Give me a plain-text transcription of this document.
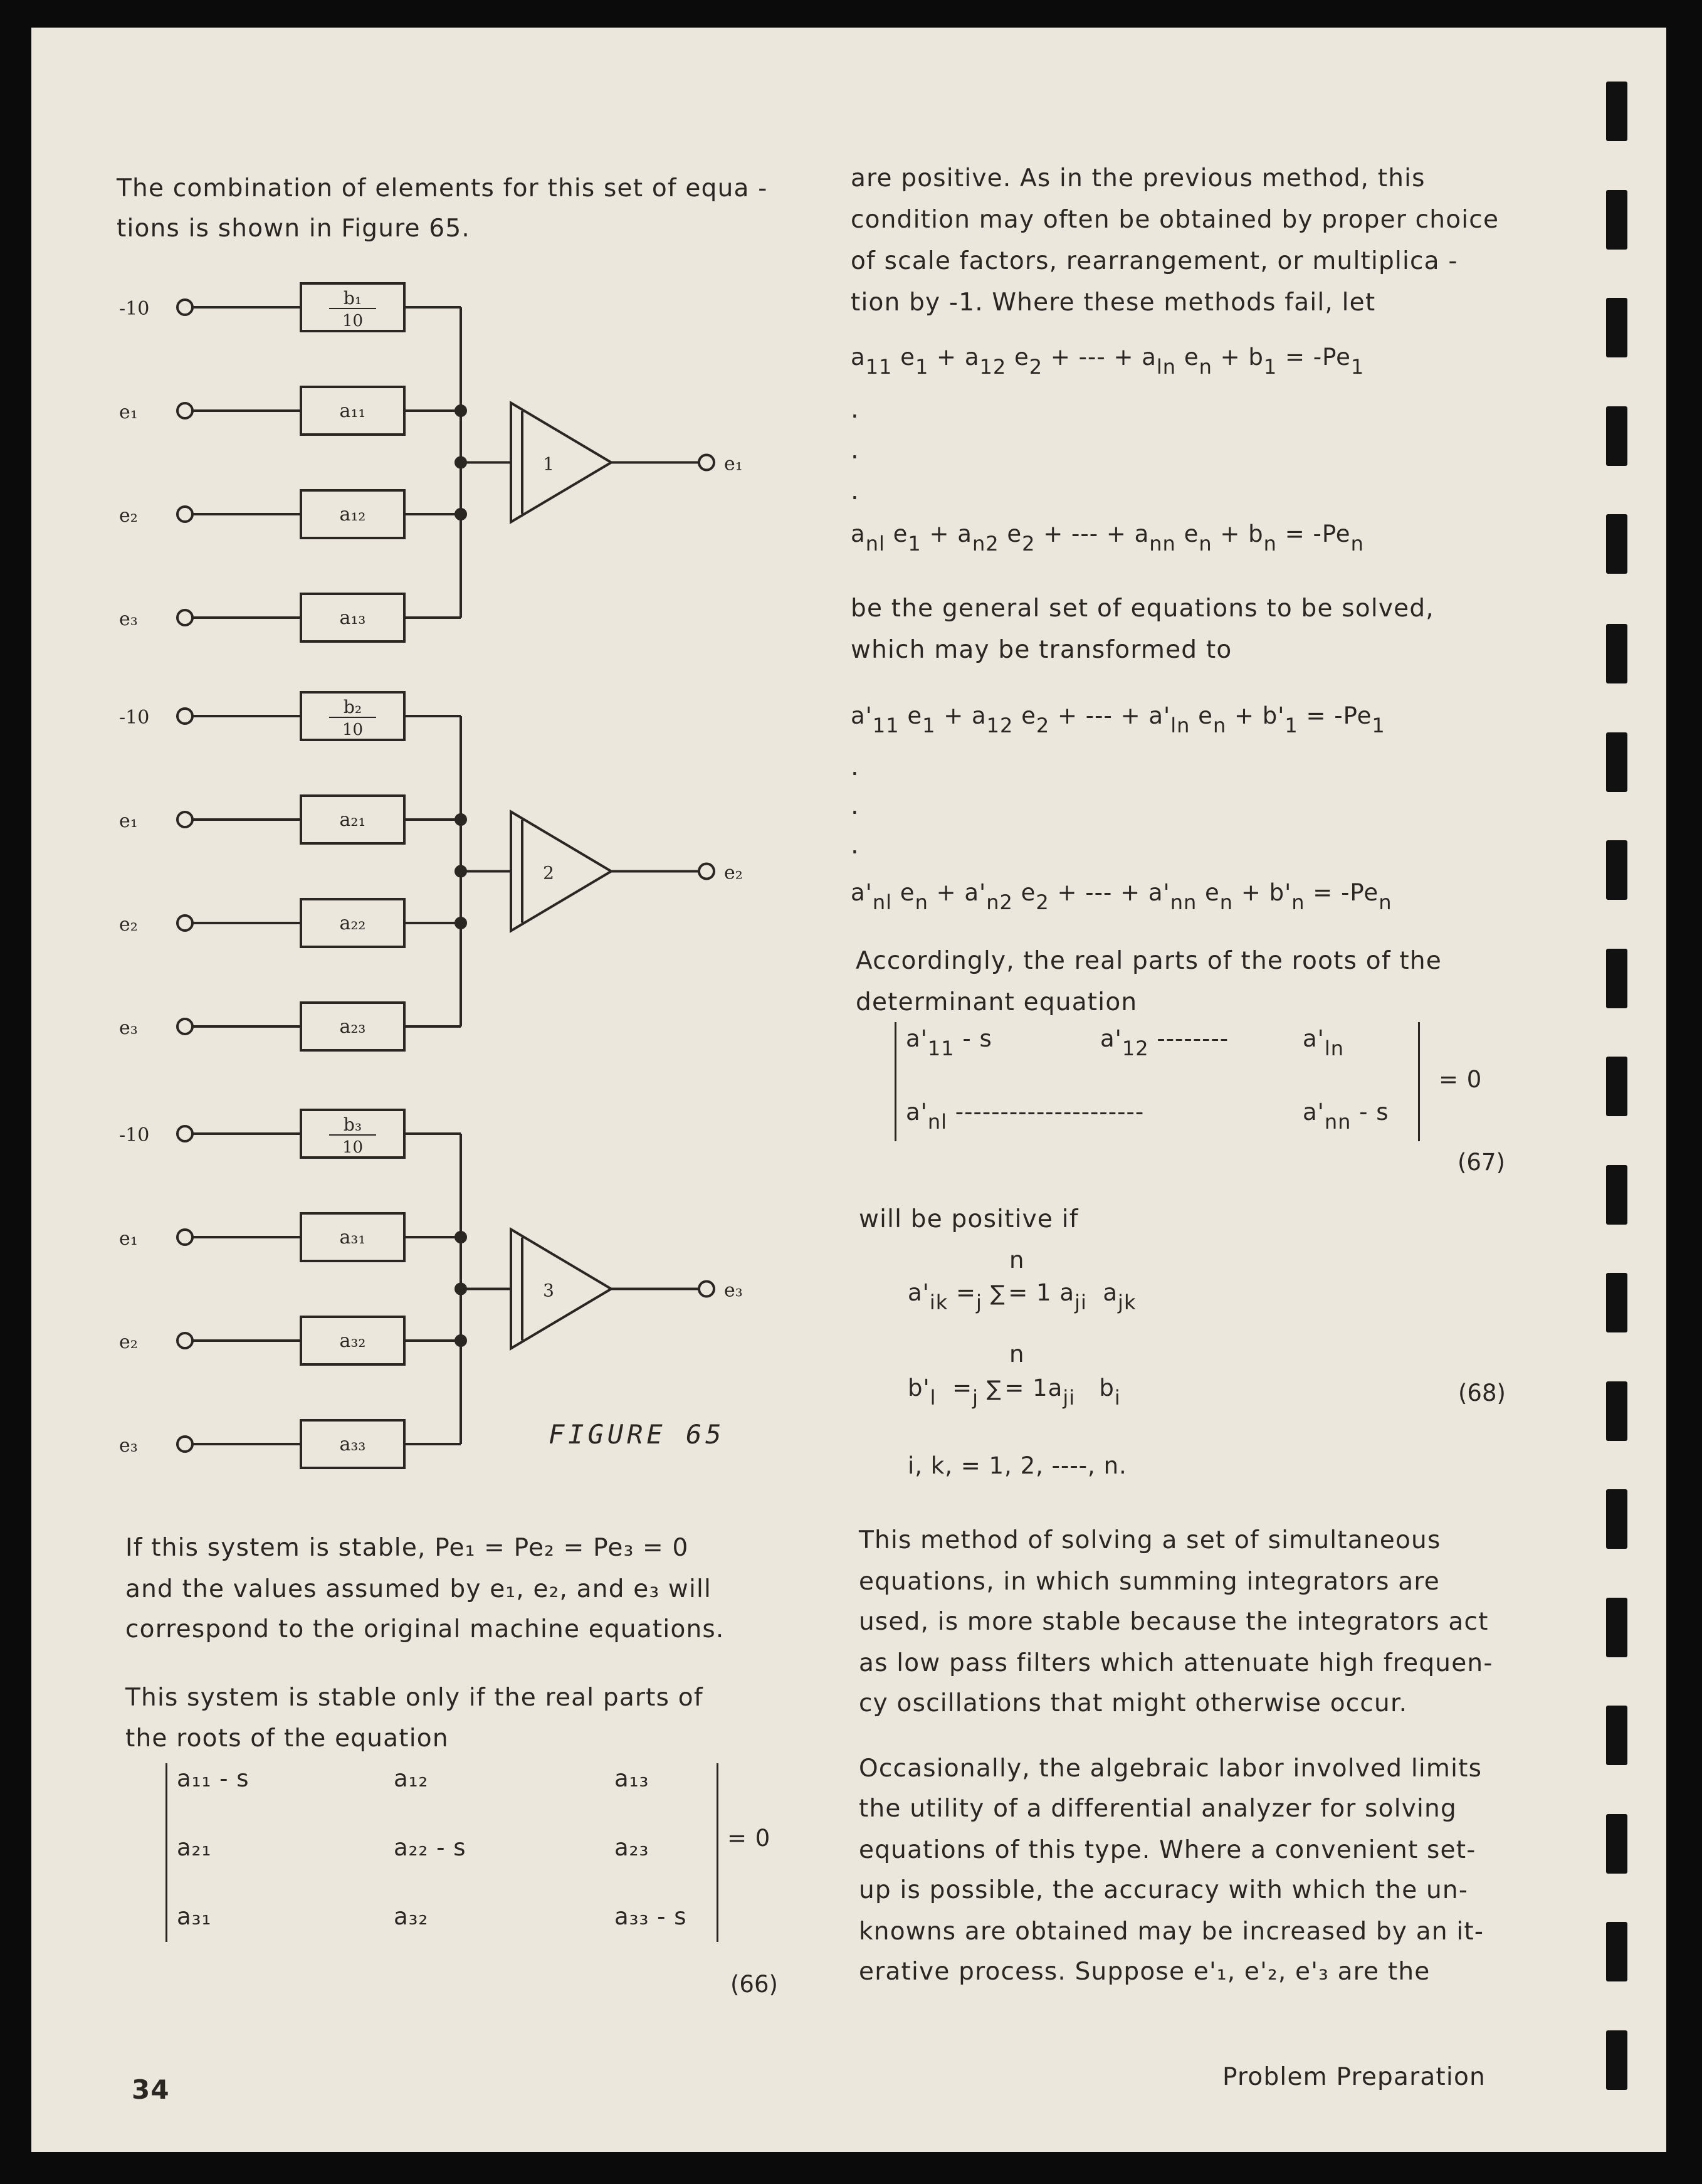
The combination of elements for this set of equa -
tions is shown in Figure 65.
-10	b₁
10
e₁	a₁₁
e₂	a₁₂
e₃	a₁₃
1	e₁
-10	b₂
10
e₁	a₂₁
e₂	a₂₂
e₃	a₂₃
2	e₂
-10	b₃
10
e₁	a₃₁
e₂	a₃₂
e₃	a₃₃
3	e₃
FIGURE 65
If this system is stable, Pe₁ = Pe₂ = Pe₃ = 0
and the values assumed by e₁, e₂, and e₃ will
correspond to the original machine equations.
This system is stable only if the real parts of
the roots of the equation
a₁₁ - s	a₁₂	a₁₃
a₂₁	a₂₂ - s	a₂₃
a₃₁	a₃₂	a₃₃ - s
= 0
(66)
are positive. As in the previous method, this
condition may often be obtained by proper choice
of scale factors, rearrangement, or multiplica -
tion by -1. Where these methods fail, let
$a_{11}$ $e_1 + a_{12}$ $e_2$ + --- + $a_{ln}$ $e_n + b_1 = -Pe_1$
.
.
.
$a_{nl}$ $e_1 + a_{n2}$ $e_2$ + --- + $a_{nn}$ $e_n + b_n = -Pe_n$
be the general set of equations to be solved,
which may be transformed to
$a'_{11}$ $e_1 + a_{12}$ $e_2$ + --- + $a'_{ln}$ $e_n + b'_1 = -Pe_1$
.
.
.
$a'_{nl}$ $e_n + a'_{n2}$ $e_2$ + --- + $a'_{nn}$ $e_n + b'_n = -Pe_n$
Accordingly, the real parts of the roots of the
determinant equation
$a'_{11}$ - s	$a'_{12}$ --------	$a'_{ln}$
$a'_{nl}$ ---------------------	$a'_{nn}$ - s
= 0
(67)
will be positive if
n
$a'_{ik} =_j$ ∑ = 1 $a_{ji}$  $a_{jk}$
n
$b'_l =_j$ ∑ = $1a_{ji}$   $b_i$	(68)
i, k, = 1, 2, ----, n.
This method of solving a set of simultaneous
equations, in which summing integrators are
used, is more stable because the integrators act
as low pass filters which attenuate high frequen-
cy oscillations that might otherwise occur.
Occasionally, the algebraic labor involved limits
the utility of a differential analyzer for solving
equations of this type. Where a convenient set-
up is possible, the accuracy with which the un-
knowns are obtained may be increased by an it-
erative process. Suppose e'₁, e'₂, e'₃ are the
34	Problem Preparation
